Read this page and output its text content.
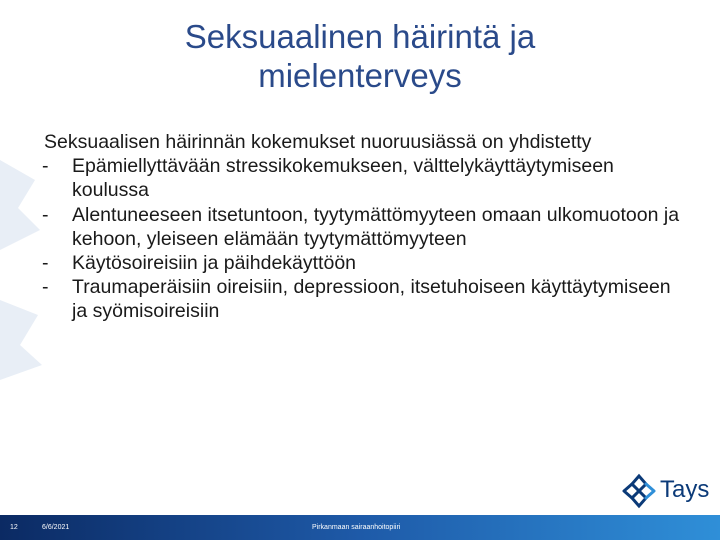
Seksuaalinen häirintä ja
mielenterveys

Seksuaalisen häirinnän kokemukset nuoruusiässä on yhdistetty

- Epämiellyttävään stressikokemukseen, välttelykäyttäytymiseen koulussa
- Alentuneeseen itsetuntoon, tyytymättömyyteen omaan ulkomuotoon ja kehoon, yleiseen elämään tyytymättömyyteen
- Käytösoireisiin ja päihdekäyttöön
- Traumaperäisiin oireisiin, depressioon, itsetuhoiseen käyttäytymiseen ja syömisoireisiin
Tays
12	6/6/2021	Pirkanmaan sairaanhoitopiiri
